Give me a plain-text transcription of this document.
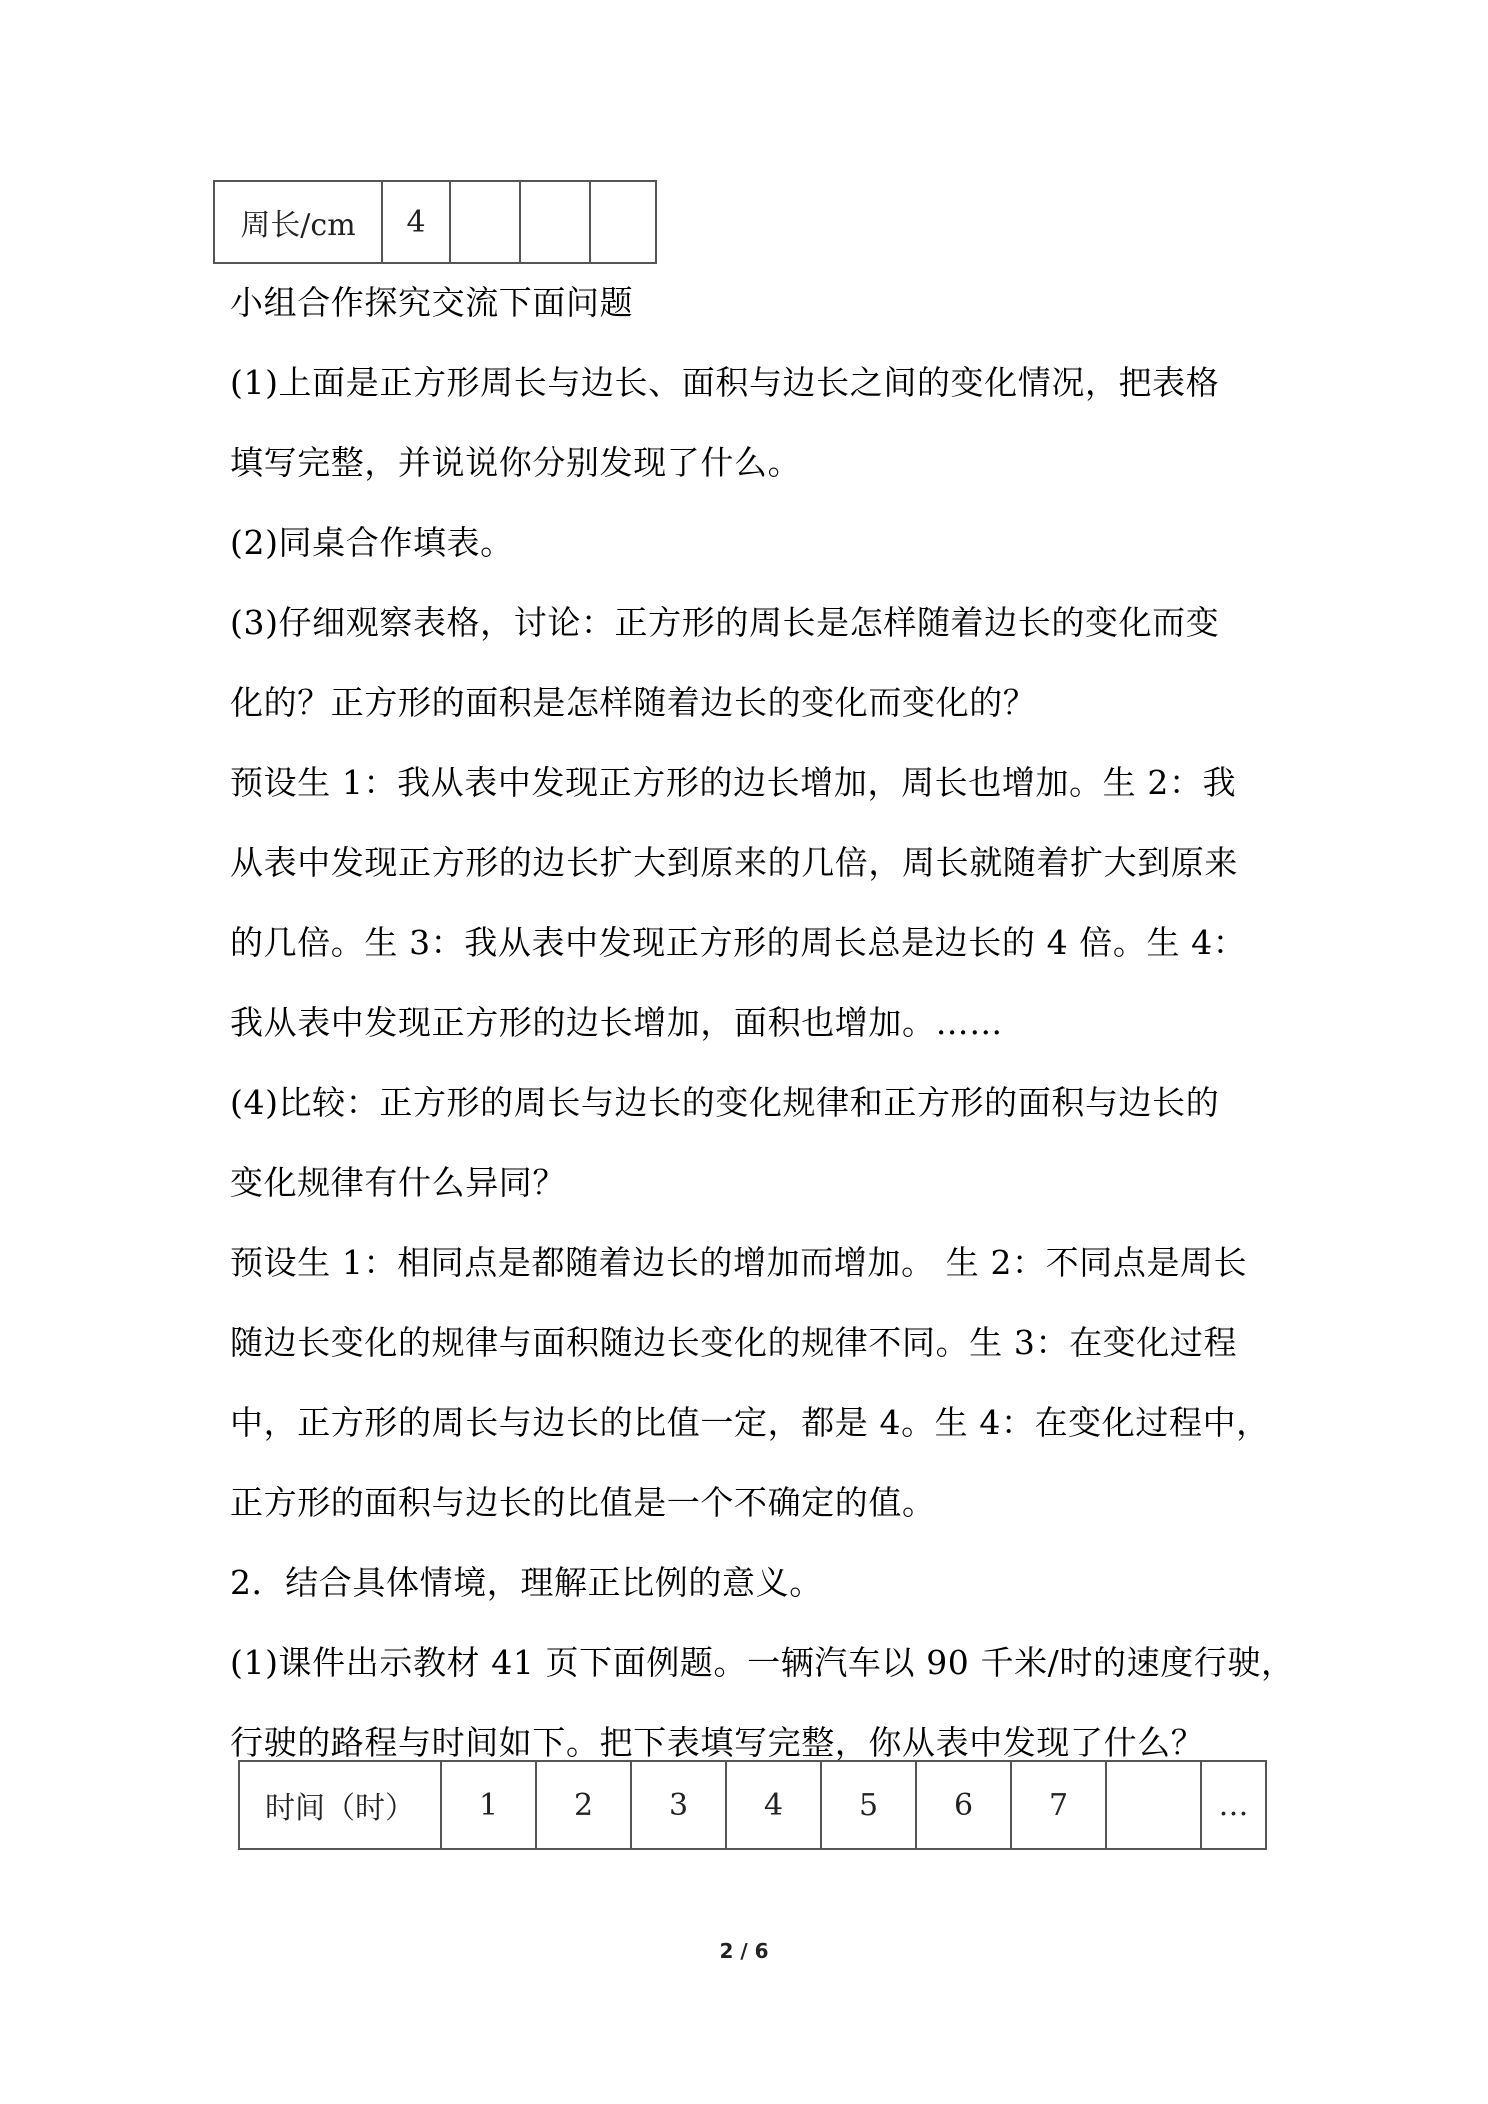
周长/cm	4			
小组合作探究交流下面问题
(1)上面是正方形周长与边长、面积与边长之间的变化情况，把表格
填写完整，并说说你分别发现了什么。
(2)同桌合作填表。
(3)仔细观察表格，讨论：正方形的周长是怎样随着边长的变化而变
化的？正方形的面积是怎样随着边长的变化而变化的？
预设生 1：我从表中发现正方形的边长增加，周长也增加。生 2：我
从表中发现正方形的边长扩大到原来的几倍，周长就随着扩大到原来
的几倍。生 3：我从表中发现正方形的周长总是边长的 4 倍。生 4：
我从表中发现正方形的边长增加，面积也增加。……
(4)比较：正方形的周长与边长的变化规律和正方形的面积与边长的
变化规律有什么异同？
预设生 1：相同点是都随着边长的增加而增加。 生 2：不同点是周长
随边长变化的规律与面积随边长变化的规律不同。生 3：在变化过程
中，正方形的周长与边长的比值一定，都是 4。生 4：在变化过程中，
正方形的面积与边长的比值是一个不确定的值。
2．结合具体情境，理解正比例的意义。
(1)课件出示教材 41 页下面例题。一辆汽车以 90 千米/时的速度行驶，
行驶的路程与时间如下。把下表填写完整，你从表中发现了什么？
时间（时）	1	2	3	4	5	6	7		…
2 / 6
